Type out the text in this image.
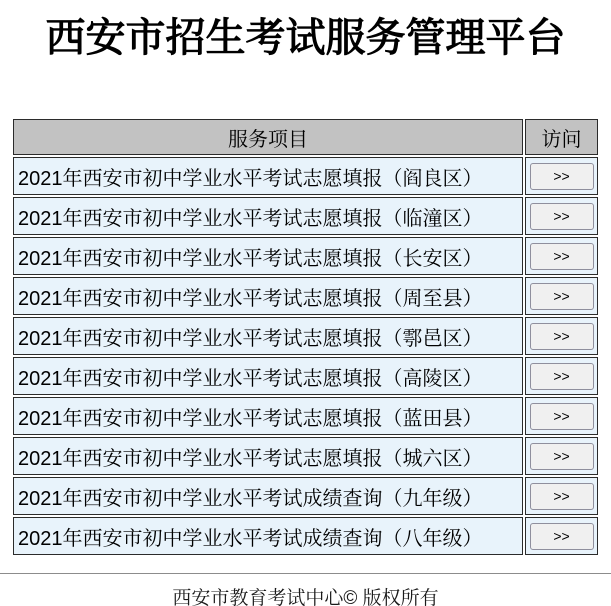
西安市招生考试服务管理平台
服务项目	访问
2021年西安市初中学业水平考试志愿填报（阎良区）	>>
2021年西安市初中学业水平考试志愿填报（临潼区）	>>
2021年西安市初中学业水平考试志愿填报（长安区）	>>
2021年西安市初中学业水平考试志愿填报（周至县）	>>
2021年西安市初中学业水平考试志愿填报（鄠邑区）	>>
2021年西安市初中学业水平考试志愿填报（高陵区）	>>
2021年西安市初中学业水平考试志愿填报（蓝田县）	>>
2021年西安市初中学业水平考试志愿填报（城六区）	>>
2021年西安市初中学业水平考试成绩查询（九年级）	>>
2021年西安市初中学业水平考试成绩查询（八年级）	>>
西安市教育考试中心© 版权所有
